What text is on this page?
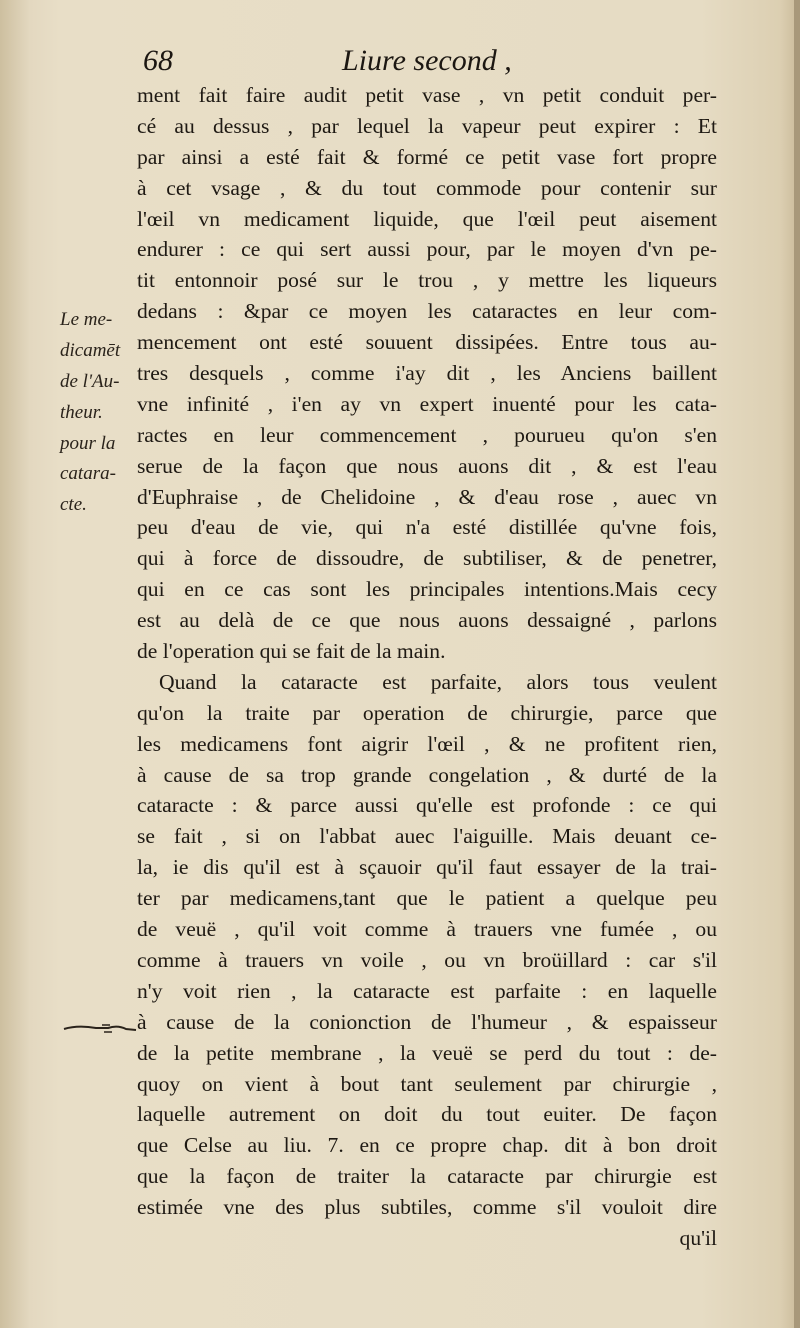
68	Liure second ,
Le me-
dicamēt
de l'Au-
theur.
pour la
catara-
cte.
ment fait faire audit petit vase , vn petit conduit per-
cé au dessus , par lequel la vapeur peut expirer : Et
par ainsi a esté fait & formé ce petit vase fort propre
à cet vsage , & du tout commode pour contenir sur
l'œil vn medicament liquide, que l'œil peut aisement
endurer : ce qui sert aussi pour, par le moyen d'vn pe-
tit entonnoir posé sur le trou , y mettre les liqueurs
dedans : &par ce moyen les cataractes en leur com-
mencement ont esté souuent dissipées. Entre tous au-
tres desquels , comme i'ay dit , les Anciens baillent
vne infinité , i'en ay vn expert inuenté pour les cata-
ractes en leur commencement , pourueu qu'on s'en
serue de la façon que nous auons dit , & est l'eau
d'Euphraise , de Chelidoine , & d'eau rose , auec vn
peu d'eau de vie, qui n'a esté distillée qu'vne fois,
qui à force de dissoudre, de subtiliser, & de penetrer,
qui en ce cas sont les principales intentions.Mais cecy
est au delà de ce que nous auons dessaigné , parlons
de l'operation qui se fait de la main.
Quand la cataracte est parfaite, alors tous veulent
qu'on la traite par operation de chirurgie, parce que
les medicamens font aigrir l'œil , & ne profitent rien,
à cause de sa trop grande congelation , & durté de la
cataracte : & parce aussi qu'elle est profonde : ce qui
se fait , si on l'abbat auec l'aiguille. Mais deuant ce-
la, ie dis qu'il est à sçauoir qu'il faut essayer de la trai-
ter par medicamens,tant que le patient a quelque peu
de veuë , qu'il voit comme à trauers vne fumée , ou
comme à trauers vn voile , ou vn broüillard : car s'il
n'y voit rien , la cataracte est parfaite : en laquelle
à cause de la conionction de l'humeur , & espaisseur
de la petite membrane , la veuë se perd du tout : de-
quoy on vient à bout tant seulement par chirurgie ,
laquelle autrement on doit du tout euiter. De façon
que Celse au liu. 7. en ce propre chap. dit à bon droit
que la façon de traiter la cataracte par chirurgie est
estimée vne des plus subtiles, comme s'il vouloit dire
qu'il
